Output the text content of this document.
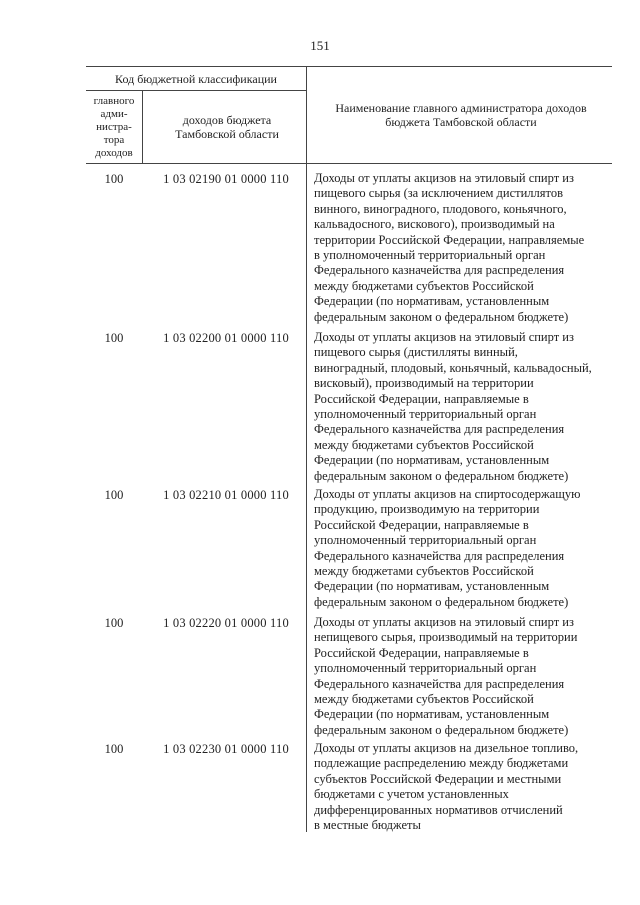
151
Код бюджетной классификации
главного адми-нистра-тора доходов
доходов бюджета Тамбовской области
Наименование главного администратора доходов бюджета Тамбовской области
100	1 03 02190 01 0000 110	Доходы от уплаты акцизов на этиловый спирт из
пищевого сырья (за исключением дистиллятов
винного, виноградного, плодового, коньячного,
кальвадосного, вискового), производимый на
территории Российской Федерации, направляемые
в уполномоченный территориальный орган
Федерального казначейства для распределения
между бюджетами субъектов Российской
Федерации (по нормативам, установленным
федеральным законом о федеральном бюджете)
100	1 03 02200 01 0000 110	Доходы от уплаты акцизов на этиловый спирт из
пищевого сырья (дистилляты винный,
виноградный, плодовый, коньячный, кальвадосный,
висковый), производимый на территории
Российской Федерации, направляемые в
уполномоченный территориальный орган
Федерального казначейства для распределения
между бюджетами субъектов Российской
Федерации (по нормативам, установленным
федеральным законом о федеральном бюджете)
100	1 03 02210 01 0000 110	Доходы от уплаты акцизов на спиртосодержащую
продукцию, производимую на территории
Российской Федерации, направляемые в
уполномоченный территориальный орган
Федерального казначейства для распределения
между бюджетами субъектов Российской
Федерации (по нормативам, установленным
федеральным законом о федеральном бюджете)
100	1 03 02220 01 0000 110	Доходы от уплаты акцизов на этиловый спирт из
непищевого сырья, производимый на территории
Российской Федерации, направляемые в
уполномоченный территориальный орган
Федерального казначейства для распределения
между бюджетами субъектов Российской
Федерации (по нормативам, установленным
федеральным законом о федеральном бюджете)
100	1 03 02230 01 0000 110	Доходы от уплаты акцизов на дизельное топливо,
подлежащие распределению между бюджетами
субъектов Российской Федерации и местными
бюджетами с учетом установленных
дифференцированных нормативов отчислений
в местные бюджеты
